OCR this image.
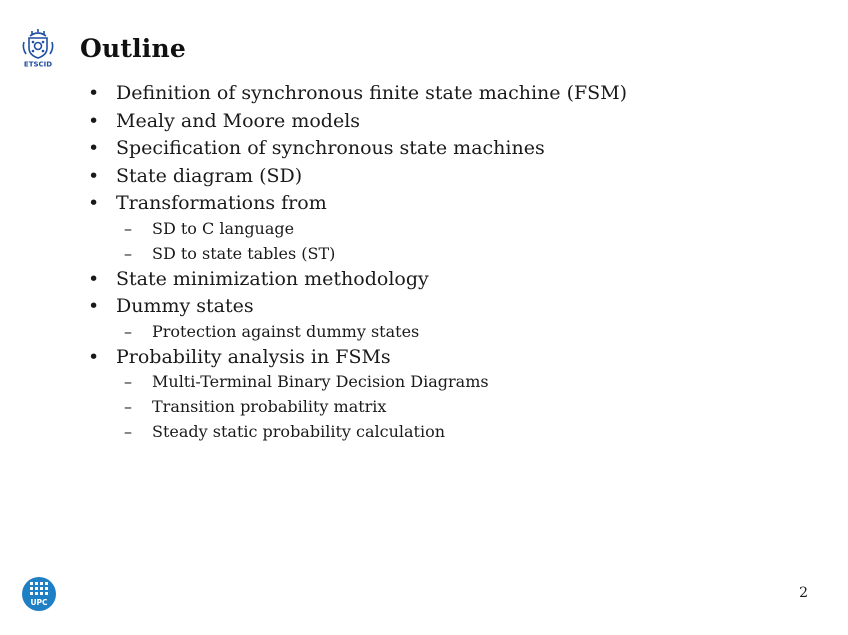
ETSCID
Outline
• Definition of synchronous finite state machine (FSM)
• Mealy and Moore models
• Specification of synchronous state machines
• State diagram (SD)
• Transformations from
– SD to C language
– SD to state tables (ST)
• State minimization methodology
• Dummy states
– Protection against dummy states
• Probability analysis in FSMs
– Multi-Terminal Binary Decision Diagrams
– Transition probability matrix
– Steady static probability calculation
UPC
2
